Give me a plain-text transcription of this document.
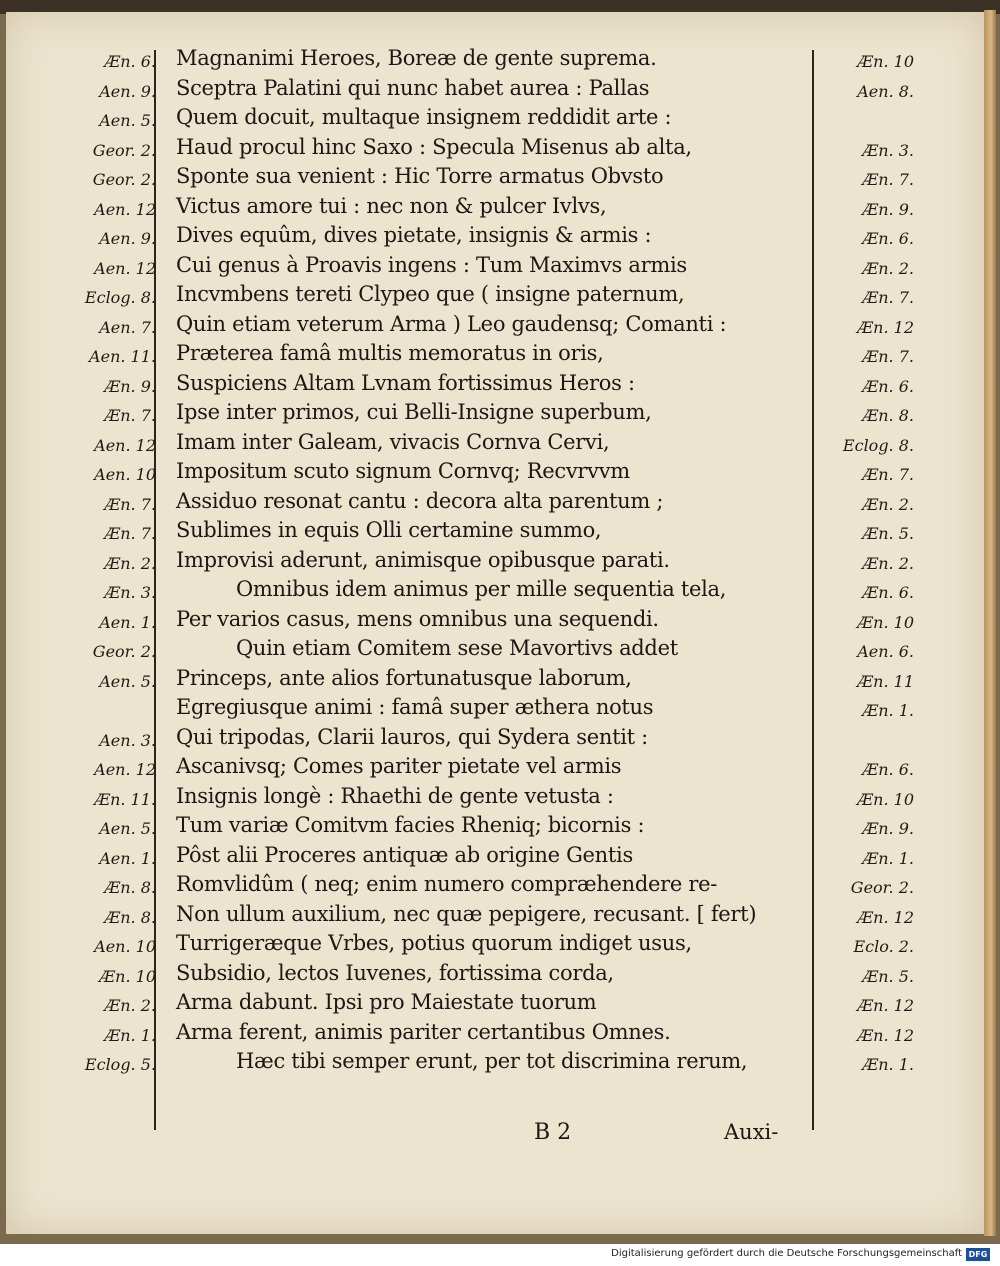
Æn. 6. Magnanimi Heroes, Boreæ de gente suprema.	Æn. 10
Aen. 9. Sceptra Palatini qui nunc habet aurea : Pallas	Aen. 8.
Aen. 5. Quem docuit, multaque insignem reddidit arte :
Geor. 2. Haud procul hinc Saxo : Specula Misenus ab alta,	Æn. 3.
Geor. 2. Sponte sua venient : Hic Torre armatus Obvsto	Æn. 7.
Aen. 12 Victus amore tui : nec non & pulcer Ivlvs,	Æn. 9.
Aen. 9. Dives equûm, dives pietate, insignis & armis :	Æn. 6.
Aen. 12 Cui genus à Proavis ingens : Tum Maximvs armis	Æn. 2.
Eclog. 8. Incvmbens tereti Clypeo que ( insigne paternum,	Æn. 7.
Aen. 7. Quin etiam veterum Arma ) Leo gaudensq; Comanti :	Æn. 12
Aen. 11. Præterea famâ multis memoratus in oris,	Æn. 7.
Æn. 9. Suspiciens Altam Lvnam fortissimus Heros :	Æn. 6.
Æn. 7. Ipse inter primos, cui Belli-Insigne superbum,	Æn. 8.
Aen. 12 Imam inter Galeam, vivacis Cornva Cervi,	Eclog. 8.
Aen. 10 Impositum scuto signum Cornvq; Recvrvvm	Æn. 7.
Æn. 7. Assiduo resonat cantu : decora alta parentum ;	Æn. 2.
Æn. 7. Sublimes in equis Olli certamine summo,	Æn. 5.
Æn. 2. Improvisi aderunt, animisque opibusque parati.	Æn. 2.
Æn. 3.	Omnibus idem animus per mille sequentia tela,	Æn. 6.
Aen. 1. Per varios casus, mens omnibus una sequendi.	Æn. 10
Geor. 2.	Quin etiam Comitem sese Mavortivs addet	Aen. 6.
Aen. 5. Princeps, ante alios fortunatusque laborum,	Æn. 11
Egregiusque animi : famâ super æthera notus	Æn. 1.
Aen. 3. Qui tripodas, Clarii lauros, qui Sydera sentit :
Aen. 12 Ascanivsq; Comes pariter pietate vel armis	Æn. 6.
Æn. 11. Insignis longè : Rhaethi de gente vetusta :	Æn. 10
Aen. 5. Tum variæ Comitvm facies Rheniq; bicornis :	Æn. 9.
Aen. 1. Pôst alii Proceres antiquæ ab origine Gentis	Æn. 1.
Æn. 8. Romvlidûm ( neq; enim numero compræhendere re-	Geor. 2.
Æn. 8. Non ullum auxilium, nec quæ pepigere, recusant. [ fert)	Æn. 12
Aen. 10 Turrigeræque Vrbes, potius quorum indiget usus,	Eclo. 2.
Æn. 10 Subsidio, lectos Iuvenes, fortissima corda,	Æn. 5.
Æn. 2. Arma dabunt. Ipsi pro Maiestate tuorum	Æn. 12
Æn. 1. Arma ferent, animis pariter certantibus Omnes.	Æn. 12
Eclog. 5.	Hæc tibi semper erunt, per tot discrimina rerum,	Æn. 1.
B 2	Auxi-
Digitalisierung gefördert durch die Deutsche Forschungsgemeinschaft DFG
